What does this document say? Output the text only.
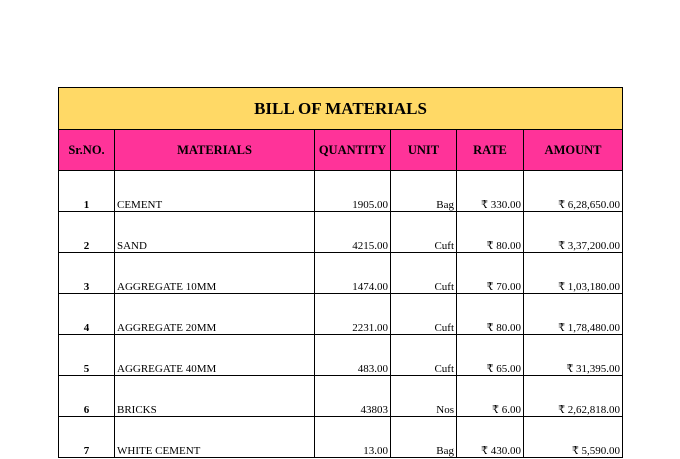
BILL OF MATERIALS					
Sr.NO.	MATERIALS	QUANTITY	UNIT	RATE	AMOUNT
1	CEMENT	1905.00	Bag	₹ 330.00	₹ 6,28,650.00
2	SAND	4215.00	Cuft	₹ 80.00	₹ 3,37,200.00
3	AGGREGATE 10MM	1474.00	Cuft	₹ 70.00	₹ 1,03,180.00
4	AGGREGATE 20MM	2231.00	Cuft	₹ 80.00	₹ 1,78,480.00
5	AGGREGATE 40MM	483.00	Cuft	₹ 65.00	₹ 31,395.00
6	BRICKS	43803	Nos	₹ 6.00	₹ 2,62,818.00
7	WHITE CEMENT	13.00	Bag	₹ 430.00	₹ 5,590.00
